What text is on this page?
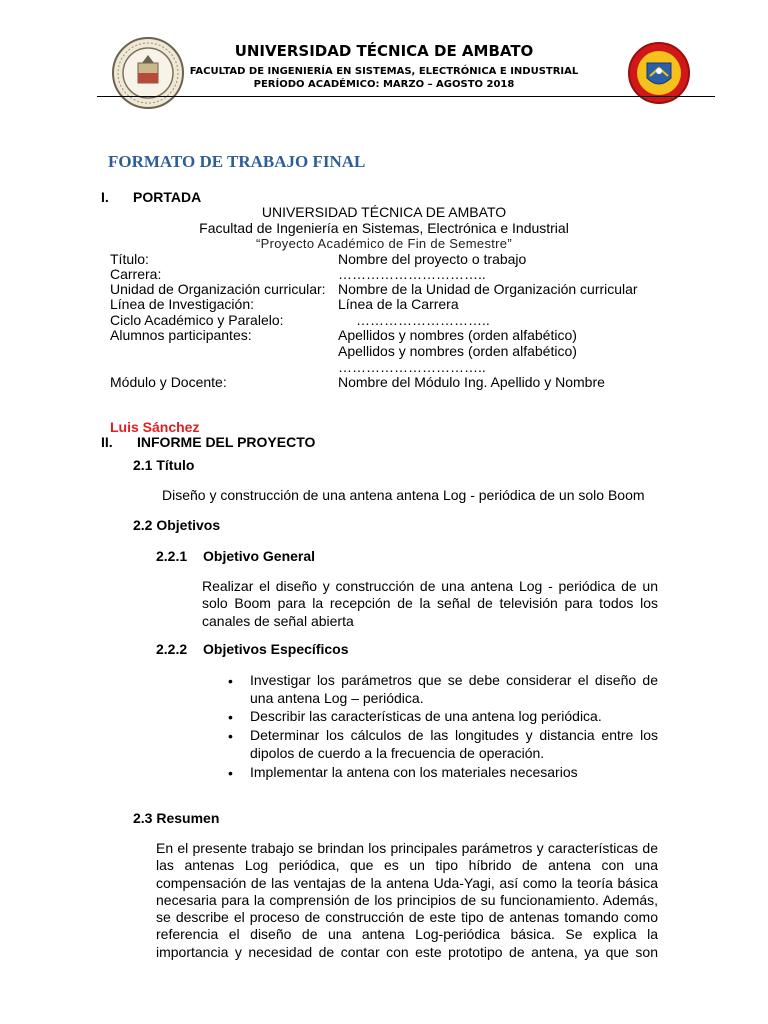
UNIVERSIDAD TÉCNICA DE AMBATO
FACULTAD DE INGENIERÍA EN SISTEMAS, ELECTRÓNICA E INDUSTRIAL
PERÍODO ACADÉMICO: MARZO – AGOSTO 2018
FORMATO DE TRABAJO FINAL
I. PORTADA
UNIVERSIDAD TÉCNICA DE AMBATO
Facultad de Ingeniería en Sistemas, Electrónica e Industrial
“Proyecto Académico de Fin de Semestre”
Título:	Nombre del proyecto o trabajo
Carrera:	…………………………..
Unidad de Organización curricular: Nombre de la Unidad de Organización curricular
Línea de Investigación:	Línea de la Carrera
Ciclo Académico y Paralelo:	………………………..
Alumnos participantes:	Apellidos y nombres (orden alfabético)
Apellidos y nombres (orden alfabético)
…………………………..
Módulo y Docente:	Nombre del Módulo Ing. Apellido y Nombre
Luis Sánchez
II. INFORME DEL PROYECTO
2.1 Título
Diseño y construcción de una antena antena Log - periódica de un solo Boom
2.2 Objetivos
2.2.1 Objetivo General
Realizar el diseño y construcción de una antena Log - periódica de un
solo Boom para la recepción de la señal de televisión para todos los
canales de señal abierta
2.2.2 Objetivos Específicos
• Investigar los parámetros que se debe considerar el diseño de
una antena Log – periódica.
• Describir las características de una antena log periódica.
• Determinar los cálculos de las longitudes y distancia entre los
dipolos de cuerdo a la frecuencia de operación.
• Implementar la antena con los materiales necesarios
2.3 Resumen
En el presente trabajo se brindan los principales parámetros y características de
las antenas Log periódica, que es un tipo híbrido de antena con una
compensación de las ventajas de la antena Uda-Yagi, así como la teoría básica
necesaria para la comprensión de los principios de su funcionamiento. Además,
se describe el proceso de construcción de este tipo de antenas tomando como
referencia el diseño de una antena Log-periódica básica. Se explica la
importancia y necesidad de contar con este prototipo de antena, ya que son
